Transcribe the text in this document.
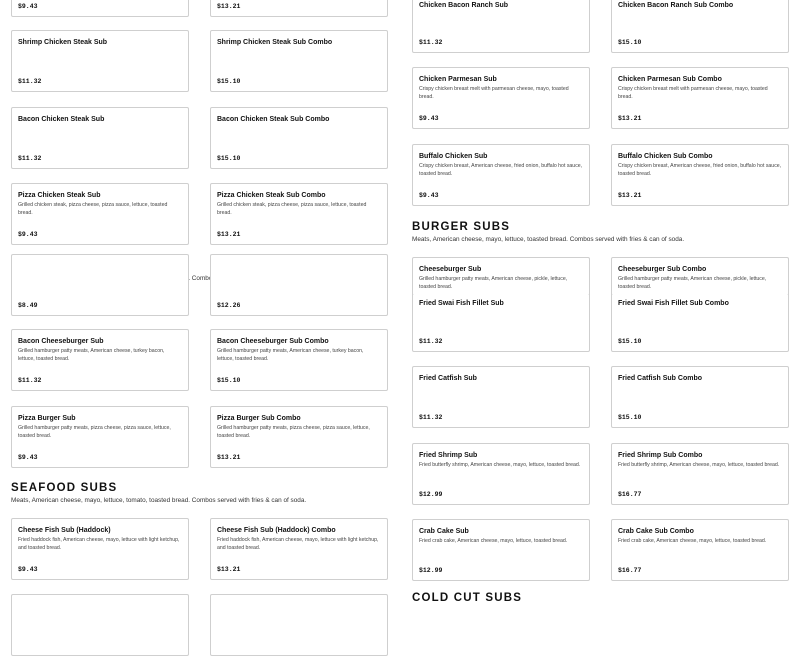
$9.43	$13.21
Shrimp Chicken Steak Sub
$11.32
Shrimp Chicken Steak Sub Combo
$15.10
Bacon Chicken Steak Sub
$11.32
Bacon Chicken Steak Sub Combo
$15.10
Pizza Chicken Steak Sub
Grilled chicken steak, pizza cheese, pizza sauce, lettuce, toasted bread.
$9.43
Pizza Chicken Steak Sub Combo
Grilled chicken steak, pizza cheese, pizza sauce, lettuce, toasted bread.
$13.21
Combos
$8.49	$12.26
Bacon Cheeseburger Sub
Grilled hamburger patty meats, American cheese, turkey bacon, lettuce, toasted bread.
$11.32
Bacon Cheeseburger Sub Combo
Grilled hamburger patty meats, American cheese, turkey bacon, lettuce, toasted bread.
$15.10
Pizza Burger Sub
Grilled hamburger patty meats, pizza cheese, pizza sauce, lettuce, toasted bread.
$9.43
Pizza Burger Sub Combo
Grilled hamburger patty meats, pizza cheese, pizza sauce, lettuce, toasted bread.
$13.21
SEAFOOD SUBS
Meats, American cheese, mayo, lettuce, tomato, toasted bread. Combos served with fries & can of soda.
Cheese Fish Sub (Haddock)
Fried haddock fish, American cheese, mayo, lettuce with light ketchup, and toasted bread.
$9.43
Cheese Fish Sub (Haddock) Combo
Fried haddock fish, American cheese, mayo, lettuce with light ketchup, and toasted bread.
$13.21
Chicken Bacon Ranch Sub
$11.32
Chicken Bacon Ranch Sub Combo
$15.10
Chicken Parmesan Sub
Crispy chicken breast melt with parmesan cheese, mayo, toasted bread.
$9.43
Chicken Parmesan Sub Combo
Crispy chicken breast melt with parmesan cheese, mayo, toasted bread.
$13.21
Buffalo Chicken Sub
Crispy chicken breast, American cheese, fried onion, buffalo hot sauce, toasted bread.
$9.43
Buffalo Chicken Sub Combo
Crispy chicken breast, American cheese, fried onion, buffalo hot sauce, toasted bread.
$13.21
BURGER SUBS
Meats, American cheese, mayo, lettuce, toasted bread. Combos served with fries & can of soda.
Fried Swai Fish Fillet Sub
$11.32
Fried Swai Fish Fillet Sub Combo
$15.10
Cheeseburger Sub
Grilled hamburger patty meats, American cheese, pickle, lettuce, toasted bread.
Cheeseburger Sub Combo
Grilled hamburger patty meats, American cheese, pickle, lettuce, toasted bread.
Fried Catfish Sub
$11.32
Fried Catfish Sub Combo
$15.10
Fried Shrimp Sub
Fried butterfly shrimp, American cheese, mayo, lettuce, toasted bread.
$12.99
Fried Shrimp Sub Combo
Fried butterfly shrimp, American cheese, mayo, lettuce, toasted bread.
$16.77
Crab Cake Sub
Fried crab cake, American cheese, mayo, lettuce, toasted bread.
$12.99
Crab Cake Sub Combo
Fried crab cake, American cheese, mayo, lettuce, toasted bread.
$16.77
COLD CUT SUBS
